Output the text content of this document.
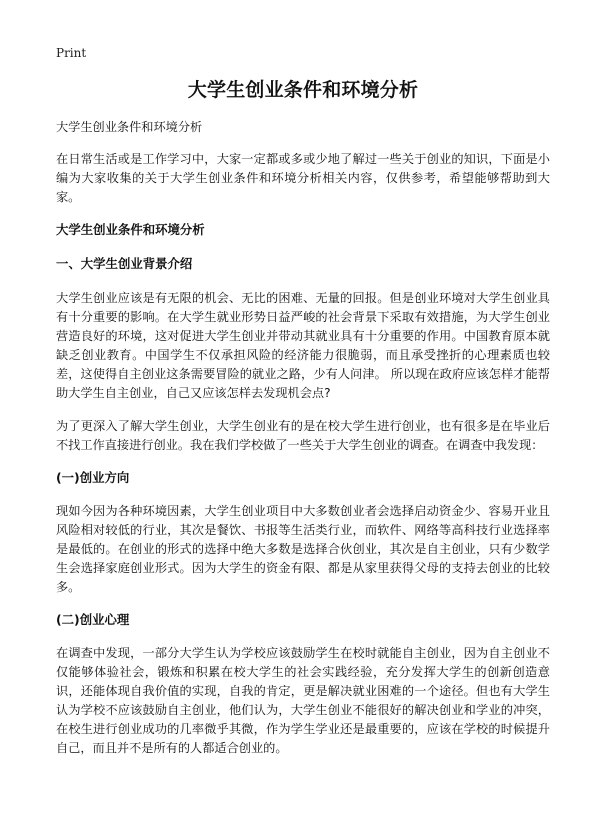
Print
大学生创业条件和环境分析
大学生创业条件和环境分析
在日常生活或是工作学习中，大家一定都或多或少地了解过一些关于创业的知识，下面是小编为大家收集的关于大学生创业条件和环境分析相关内容，仅供参考，希望能够帮助到大家。
大学生创业条件和环境分析
一、大学生创业背景介绍
大学生创业应该是有无限的机会、无比的困难、无量的回报。但是创业环境对大学生创业具有十分重要的影响。在大学生就业形势日益严峻的社会背景下采取有效措施，为大学生创业营造良好的环境，这对促进大学生创业并带动其就业具有十分重要的作用。中国教育原本就缺乏创业教育。中国学生不仅承担风险的经济能力很脆弱，而且承受挫折的心理素质也较差，这使得自主创业这条需要冒险的就业之路，少有人问津。 所以现在政府应该怎样才能帮助大学生自主创业，自己又应该怎样去发现机会点?
为了更深入了解大学生创业，大学生创业有的是在校大学生进行创业，也有很多是在毕业后不找工作直接进行创业。我在我们学校做了一些关于大学生创业的调查。在调查中我发现：
(一)创业方向
现如今因为各种环境因素，大学生创业项目中大多数创业者会选择启动资金少、容易开业且风险相对较低的行业，其次是餐饮、书报等生活类行业，而软件、网络等高科技行业选择率是最低的。在创业的形式的选择中绝大多数是选择合伙创业，其次是自主创业，只有少数学生会选择家庭创业形式。因为大学生的资金有限、都是从家里获得父母的支持去创业的比较多。
(二)创业心理
在调查中发现，一部分大学生认为学校应该鼓励学生在校时就能自主创业，因为自主创业不仅能够体验社会，锻炼和积累在校大学生的社会实践经验，充分发挥大学生的创新创造意识，还能体现自我价值的实现，自我的肯定，更是解决就业困难的一个途径。但也有大学生认为学校不应该鼓励自主创业，他们认为，大学生创业不能很好的解决创业和学业的冲突，在校生进行创业成功的几率微乎其微，作为学生学业还是最重要的，应该在学校的时候提升自己，而且并不是所有的人都适合创业的。
